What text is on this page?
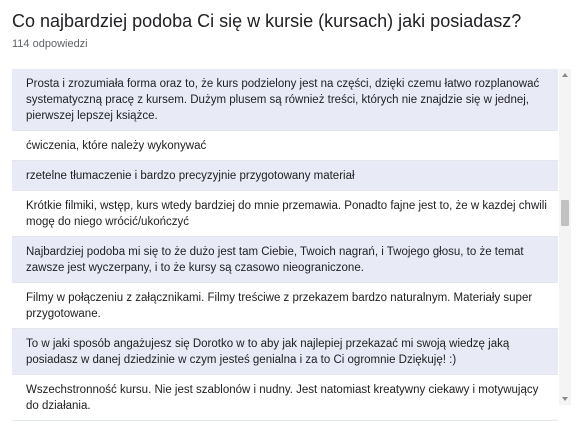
Co najbardziej podoba Ci się w kursie (kursach) jaki posiadasz?
114 odpowiedzi
Prosta i zrozumiała forma oraz to, że kurs podzielony jest na części, dzięki czemu łatwo rozplanować systematyczną pracę z kursem. Dużym plusem są również treści, których nie znajdzie się w jednej, pierwszej lepszej książce.
ćwiczenia, które należy wykonywać
rzetelne tłumaczenie i bardzo precyzyjnie przygotowany materiał
Krótkie filmiki, wstęp, kurs wtedy bardziej do mnie przemawia. Ponadto fajne jest to, że w kazdej chwili mogę do niego wrócić/ukończyć
Najbardziej podoba mi się to że dużo jest tam Ciebie, Twoich nagrań, i Twojego głosu, to że temat zawsze jest wyczerpany, i to że kursy są czasowo nieograniczone.
Filmy w połączeniu z załącznikami. Filmy treściwe z przekazem bardzo naturalnym. Materiały super przygotowane.
To w jaki sposób angażujesz się Dorotko w to aby jak najlepiej przekazać mi swoją wiedzę jaką posiadasz w danej dziedzinie w czym jesteś genialna i za to Ci ogromnie Dziękuję! :)
Wszechstronność kursu. Nie jest szablonów i nudny. Jest natomiast kreatywny ciekawy i motywujący do działania.
